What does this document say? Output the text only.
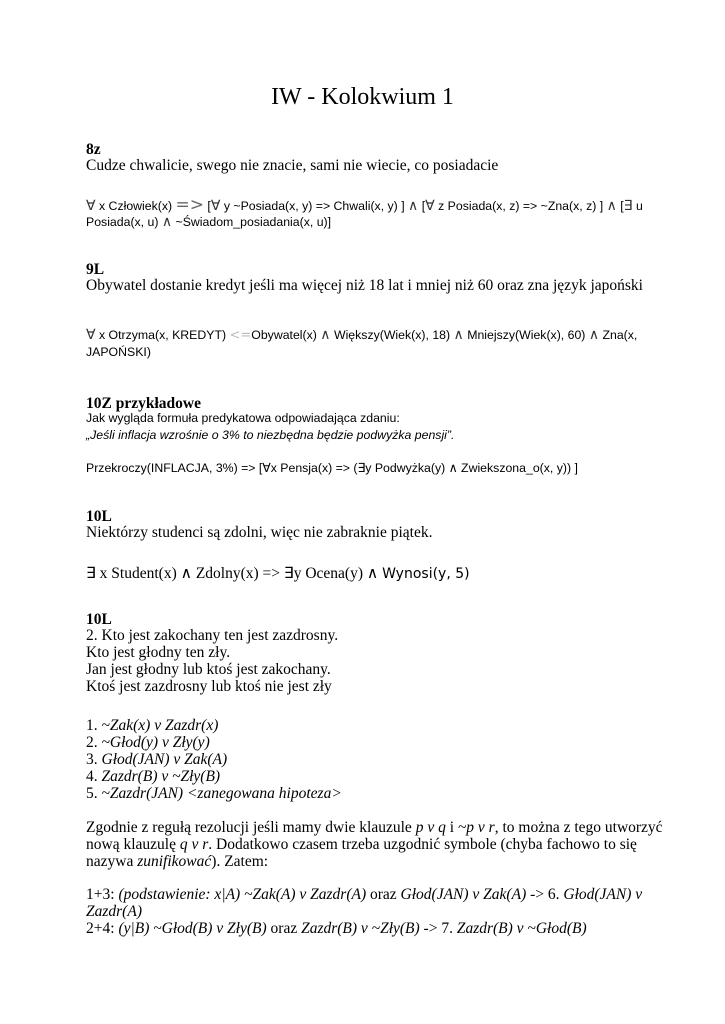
IW - Kolokwium 1
8z
Cudze chwalicie, swego nie znacie, sami nie wiecie, co posiadacie
∀ x Człowiek(x) => [∀ y ~Posiada(x, y) => Chwali(x, y) ] ∧ [∀ z Posiada(x, z) => ~Zna(x, z) ] ∧ [∃ u
Posiada(x, u) ∧ ~Świadom_posiadania(x, u)]
9L
Obywatel dostanie kredyt jeśli ma więcej niż 18 lat i mniej niż 60 oraz zna język japoński
∀ x Otrzyma(x, KREDYT) <=Obywatel(x) ∧ Większy(Wiek(x), 18) ∧ Mniejszy(Wiek(x), 60) ∧ Zna(x,
JAPOŃSKI)
10Z przykładowe
Jak wygląda formuła predykatowa odpowiadająca zdaniu:
„Jeśli inflacja wzrośnie o 3% to niezbędna będzie podwyżka pensji”.
Przekroczy(INFLACJA, 3%) => [∀x Pensja(x) => (∃y Podwyżka(y) ∧ Zwiekszona_o(x, y)) ]
10L
Niektórzy studenci są zdolni, więc nie zabraknie piątek.
∃ x Student(x) ∧ Zdolny(x) => ∃y Ocena(y) ∧ Wynosi(y, 5)
10L
2. Kto jest zakochany ten jest zazdrosny.
Kto jest głodny ten zły.
Jan jest głodny lub ktoś jest zakochany.
Ktoś jest zazdrosny lub ktoś nie jest zły
1. ~Zak(x) v Zazdr(x)
2. ~Głod(y) v Zły(y)
3. Głod(JAN) v Zak(A)
4. Zazdr(B) v ~Zły(B)
5. ~Zazdr(JAN) <zanegowana hipoteza>
Zgodnie z regułą rezolucji jeśli mamy dwie klauzule p v q i ~p v r, to można z tego utworzyć
nową klauzulę q v r. Dodatkowo czasem trzeba uzgodnić symbole (chyba fachowo to się
nazywa zunifikować). Zatem:
1+3: (podstawienie: x|A) ~Zak(A) v Zazdr(A) oraz Głod(JAN) v Zak(A) -> 6. Głod(JAN) v
Zazdr(A)
2+4: (y|B) ~Głod(B) v Zły(B) oraz Zazdr(B) v ~Zły(B) -> 7. Zazdr(B) v ~Głod(B)
